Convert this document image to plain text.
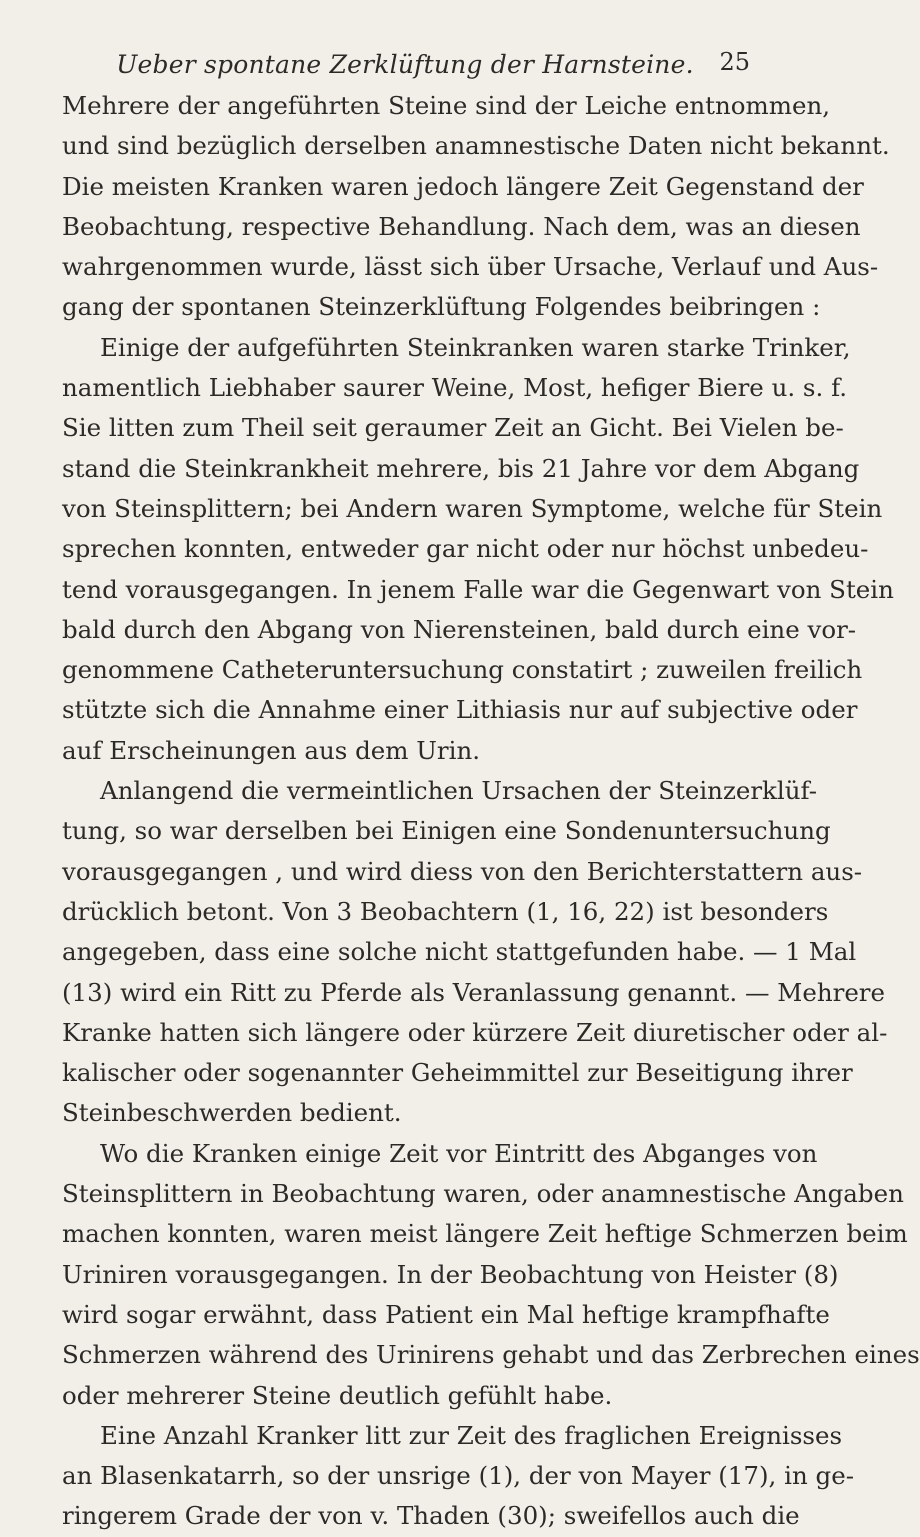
Ueber spontane Zerklüftung der Harnsteine.	25
Mehrere der angeführten Steine sind der Leiche entnommen,
und sind bezüglich derselben anamnestische Daten nicht bekannt.
Die meisten Kranken waren jedoch längere Zeit Gegenstand der
Beobachtung, respective Behandlung. Nach dem, was an diesen
wahrgenommen wurde, lässt sich über Ursache, Verlauf und Aus-
gang der spontanen Steinzerklüftung Folgendes beibringen :
Einige der aufgeführten Steinkranken waren starke Trinker,
namentlich Liebhaber saurer Weine, Most, hefiger Biere u. s. f.
Sie litten zum Theil seit geraumer Zeit an Gicht. Bei Vielen be-
stand die Steinkrankheit mehrere, bis 21 Jahre vor dem Abgang
von Steinsplittern; bei Andern waren Symptome, welche für Stein
sprechen konnten, entweder gar nicht oder nur höchst unbedeu-
tend vorausgegangen. In jenem Falle war die Gegenwart von Stein
bald durch den Abgang von Nierensteinen, bald durch eine vor-
genommene Catheteruntersuchung constatirt ; zuweilen freilich
stützte sich die Annahme einer Lithiasis nur auf subjective oder
auf Erscheinungen aus dem Urin.
Anlangend die vermeintlichen Ursachen der Steinzerklüf-
tung, so war derselben bei Einigen eine Sondenuntersuchung
vorausgegangen , und wird diess von den Berichterstattern aus-
drücklich betont. Von 3 Beobachtern (1, 16, 22) ist besonders
angegeben, dass eine solche nicht stattgefunden habe. — 1 Mal
(13) wird ein Ritt zu Pferde als Veranlassung genannt. — Mehrere
Kranke hatten sich längere oder kürzere Zeit diuretischer oder al-
kalischer oder sogenannter Geheimmittel zur Beseitigung ihrer
Steinbeschwerden bedient.
Wo die Kranken einige Zeit vor Eintritt des Abganges von
Steinsplittern in Beobachtung waren, oder anamnestische Angaben
machen konnten, waren meist längere Zeit heftige Schmerzen beim
Uriniren vorausgegangen. In der Beobachtung von Heister (8)
wird sogar erwähnt, dass Patient ein Mal heftige krampfhafte
Schmerzen während des Urinirens gehabt und das Zerbrechen eines
oder mehrerer Steine deutlich gefühlt habe.
Eine Anzahl Kranker litt zur Zeit des fraglichen Ereignisses
an Blasenkatarrh, so der unsrige (1), der von Mayer (17), in ge-
ringerem Grade der von v. Thaden (30); sweifellos auch die
